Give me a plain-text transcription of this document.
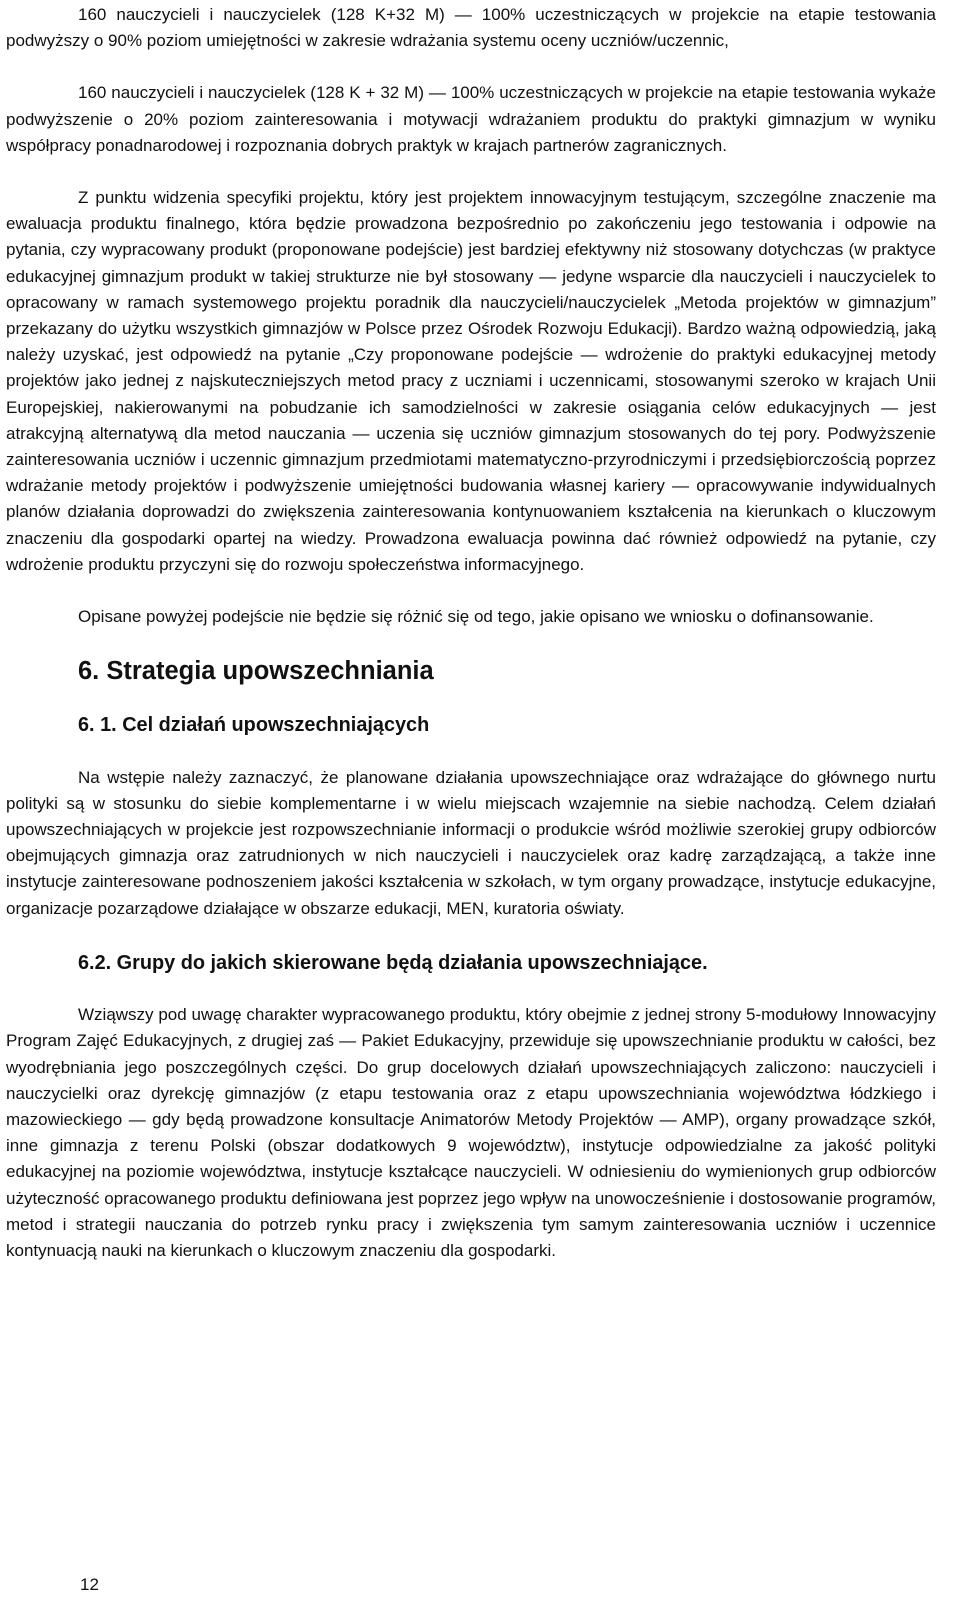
160 nauczycieli i nauczycielek (128 K+32 M) — 100% uczestniczących w projekcie na etapie testowania podwyższy o 90% poziom umiejętności w zakresie wdrażania systemu oceny uczniów/uczennic,

160 nauczycieli i nauczycielek (128 K + 32 M) — 100% uczestniczących w projekcie na etapie testowania wykaże podwyższenie o 20% poziom zainteresowania i motywacji wdrażaniem produktu do praktyki gimnazjum w wyniku współpracy ponadnarodowej i rozpoznania dobrych praktyk w krajach partnerów zagranicznych.

Z punktu widzenia specyfiki projektu, który jest projektem innowacyjnym testującym, szczególne znaczenie ma ewaluacja produktu finalnego, która będzie prowadzona bezpośrednio po zakończeniu jego testowania i odpowie na pytania, czy wypracowany produkt (proponowane podejście) jest bardziej efektywny niż stosowany dotychczas (w praktyce edukacyjnej gimnazjum produkt w takiej strukturze nie był stosowany — jedyne wsparcie dla nauczycieli i nauczycielek to opracowany w ramach systemowego projektu poradnik dla nauczycieli/nauczycielek „Metoda projektów w gimnazjum” przekazany do użytku wszystkich gimnazjów w Polsce przez Ośrodek Rozwoju Edukacji). Bardzo ważną odpowiedzią, jaką należy uzyskać, jest odpowiedź na pytanie „Czy proponowane podejście — wdrożenie do praktyki edukacyjnej metody projektów jako jednej z najskuteczniejszych metod pracy z uczniami i uczennicami, stosowanymi szeroko w krajach Unii Europejskiej, nakierowanymi na pobudzanie ich samodzielności w zakresie osiągania celów edukacyjnych — jest atrakcyjną alternatywą dla metod nauczania — uczenia się uczniów gimnazjum stosowanych do tej pory. Podwyższenie zainteresowania uczniów i uczennic gimnazjum przedmiotami matematyczno-przyrodniczymi i przedsiębiorczością poprzez wdrażanie metody projektów i podwyższenie umiejętności budowania własnej kariery — opracowywanie indywidualnych planów działania doprowadzi do zwiększenia zainteresowania kontynuowaniem kształcenia na kierunkach o kluczowym znaczeniu dla gospodarki opartej na wiedzy. Prowadzona ewaluacja powinna dać również odpowiedź na pytanie, czy wdrożenie produktu przyczyni się do rozwoju społeczeństwa informacyjnego.

Opisane powyżej podejście nie będzie się różnić się od tego, jakie opisano we wniosku o dofinansowanie.

6. Strategia upowszechniania
6. 1. Cel działań upowszechniających

Na wstępie należy zaznaczyć, że planowane działania upowszechniające oraz wdrażające do głównego nurtu polityki są w stosunku do siebie komplementarne i w wielu miejscach wzajemnie na siebie nachodzą. Celem działań upowszechniających w projekcie jest rozpowszechnianie informacji o produkcie wśród możliwie szerokiej grupy odbiorców obejmujących gimnazja oraz zatrudnionych w nich nauczycieli i nauczycielek oraz kadrę zarządzającą, a także inne instytucje zainteresowane podnoszeniem jakości kształcenia w szkołach, w tym organy prowadzące, instytucje edukacyjne, organizacje pozarządowe działające w obszarze edukacji, MEN, kuratoria oświaty.

6.2. Grupy do jakich skierowane będą działania upowszechniające.

Wziąwszy pod uwagę charakter wypracowanego produktu, który obejmie z jednej strony 5-modułowy Innowacyjny Program Zajęć Edukacyjnych, z drugiej zaś — Pakiet Edukacyjny, przewiduje się upowszechnianie produktu w całości, bez wyodrębniania jego poszczególnych części. Do grup docelowych działań upowszechniających zaliczono: nauczycieli i nauczycielki oraz dyrekcję gimnazjów (z etapu testowania oraz z etapu upowszechniania województwa łódzkiego i mazowieckiego — gdy będą prowadzone konsultacje Animatorów Metody Projektów — AMP), organy prowadzące szkół, inne gimnazja z terenu Polski (obszar dodatkowych 9 województw), instytucje odpowiedzialne za jakość polityki edukacyjnej na poziomie województwa, instytucje kształcące nauczycieli. W odniesieniu do wymienionych grup odbiorców użyteczność opracowanego produktu definiowana jest poprzez jego wpływ na unowocześnienie i dostosowanie programów, metod i strategii nauczania do potrzeb rynku pracy i zwiększenia tym samym zainteresowania uczniów i uczennice kontynuacją nauki na kierunkach o kluczowym znaczeniu dla gospodarki.

12
